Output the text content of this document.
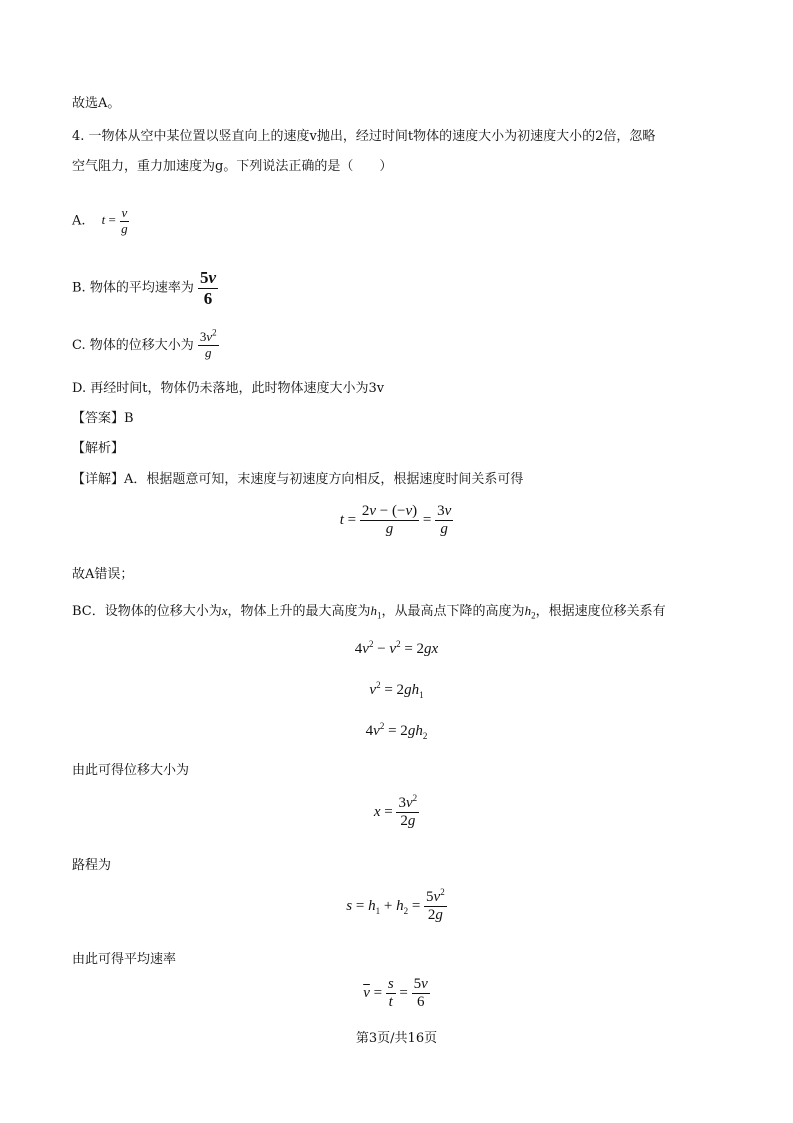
故选A。
4. 一物体从空中某位置以竖直向上的速度v抛出，经过时间t物体的速度大小为初速度大小的2倍，忽略
空气阻力，重力加速度为g。下列说法正确的是（　　）
A. $t = \frac{v}{g}$
B. 物体的平均速率为 $\frac{5v}{6}$
C. 物体的位移大小为 $\frac{3v^2}{g}$
D. 再经时间t，物体仍未落地，此时物体速度大小为3v
【答案】B
【解析】
【详解】A．根据题意可知，末速度与初速度方向相反，根据速度时间关系可得
$t = \frac{2v - (-v)}{g} = \frac{3v}{g}$
故A错误；
BC．设物体的位移大小为x，物体上升的最大高度为$h_1$，从最高点下降的高度为$h_2$，根据速度位移关系有
$4v^2 - v^2 = 2gx$
$v^2 = 2gh_1$
$4v^2 = 2gh_2$
由此可得位移大小为
$x = \frac{3v^2}{2g}$
路程为
$s = h_1 + h_2 = \frac{5v^2}{2g}$
由此可得平均速率
$\overline{v} = \frac{s}{t} = \frac{5v}{6}$
第3页/共16页
